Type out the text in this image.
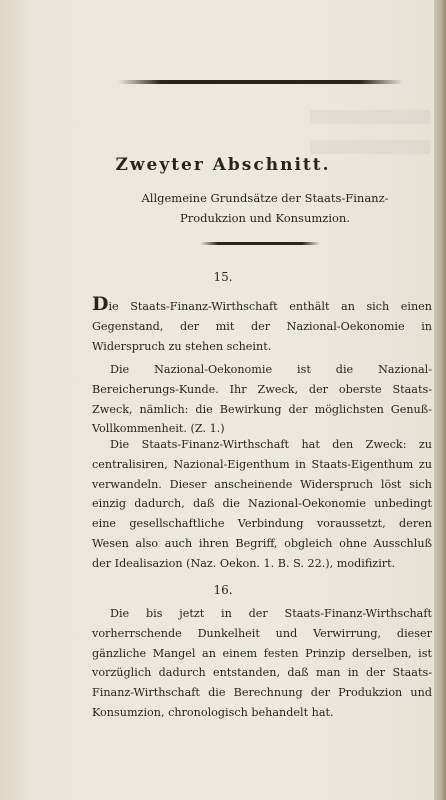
Zweyter Abschnitt.
Allgemeine Grundsätze der Staats-Finanz-Produkzion und Konsumzion.
15.
Die Staats-Finanz-Wirthschaft enthält an sich einen Gegenstand, der mit der Nazional-Oekonomie in Widerspruch zu stehen scheint.
Die Nazional-Oekonomie ist die Nazional-Bereicherungs-Kunde. Ihr Zweck, der oberste Staats-Zweck, nämlich: die Bewirkung der möglichsten Genuß-Vollkommenheit. (Z. 1.)
Die Staats-Finanz-Wirthschaft hat den Zweck: zu centralisiren, Nazional-Eigenthum in Staats-Eigenthum zu verwandeln. Dieser anscheinende Widerspruch löst sich einzig dadurch, daß die Nazional-Oekonomie unbedingt eine gesellschaftliche Verbindung voraussetzt, deren Wesen also auch ihren Begriff, obgleich ohne Ausschluß der Idealisazion (Naz. Oekon. 1. B. S. 22.), modifizirt.
16.
Die bis jetzt in der Staats-Finanz-Wirthschaft vorherrschende Dunkelheit und Verwirrung, dieser gänzliche Mangel an einem festen Prinzip derselben, ist vorzüglich dadurch entstanden, daß man in der Staats-Finanz-Wirthschaft die Berechnung der Produkzion und Konsumzion, chronologisch behandelt hat.
